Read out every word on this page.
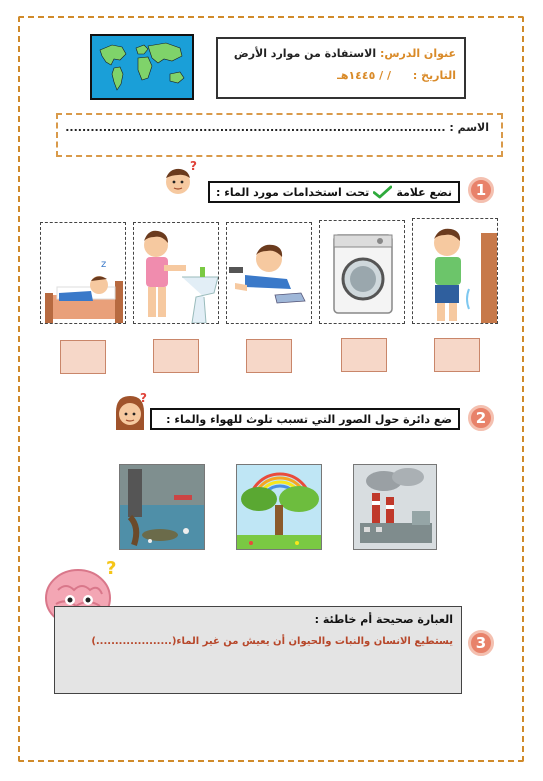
عنوان الدرس: الاستفادة من موارد الأرض
التاريخ : / / ١٤٤٥هـ
الاسم : ...........................................................................................
1
نضع علامة
تحت استخدامات مورد الماء :
?
z
2
ضع دائرة حول الصور التي تسبب تلوث للهواء والماء :
?
?
العبارة صحيحة أم خاطئة :
يستطيع الانسان والنبات والحيوان أن يعيش من غير الماء(....................)	3
